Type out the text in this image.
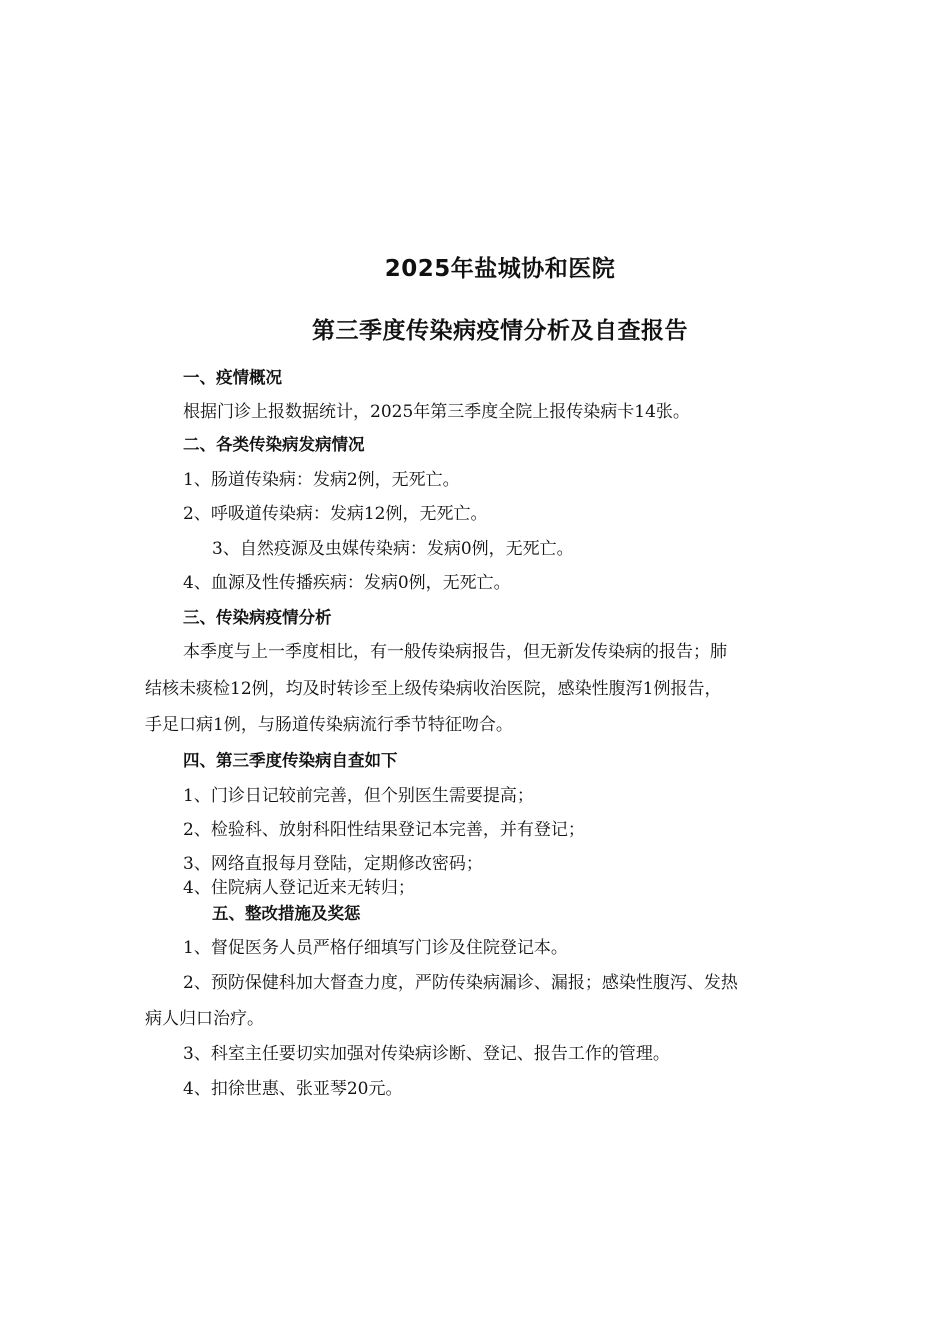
2025年盐城协和医院
第三季度传染病疫情分析及自查报告
一、疫情概况
根据门诊上报数据统计，2025年第三季度全院上报传染病卡14张。
二、各类传染病发病情况
1、肠道传染病：发病2例，无死亡。
2、呼吸道传染病：发病12例，无死亡。
3、自然疫源及虫媒传染病：发病0例，无死亡。
4、血源及性传播疾病：发病0例，无死亡。
三、传染病疫情分析
本季度与上一季度相比，有一般传染病报告，但无新发传染病的报告；肺
结核未痰检12例，均及时转诊至上级传染病收治医院，感染性腹泻1例报告，
手足口病1例，与肠道传染病流行季节特征吻合。
四、第三季度传染病自查如下
1、门诊日记较前完善，但个别医生需要提高；
2、检验科、放射科阳性结果登记本完善，并有登记；
3、网络直报每月登陆，定期修改密码；
4、住院病人登记近来无转归；
五、整改措施及奖惩
1、督促医务人员严格仔细填写门诊及住院登记本。
2、预防保健科加大督查力度，严防传染病漏诊、漏报；感染性腹泻、发热
病人归口治疗。
3、科室主任要切实加强对传染病诊断、登记、报告工作的管理。
4、扣徐世惠、张亚琴20元。
